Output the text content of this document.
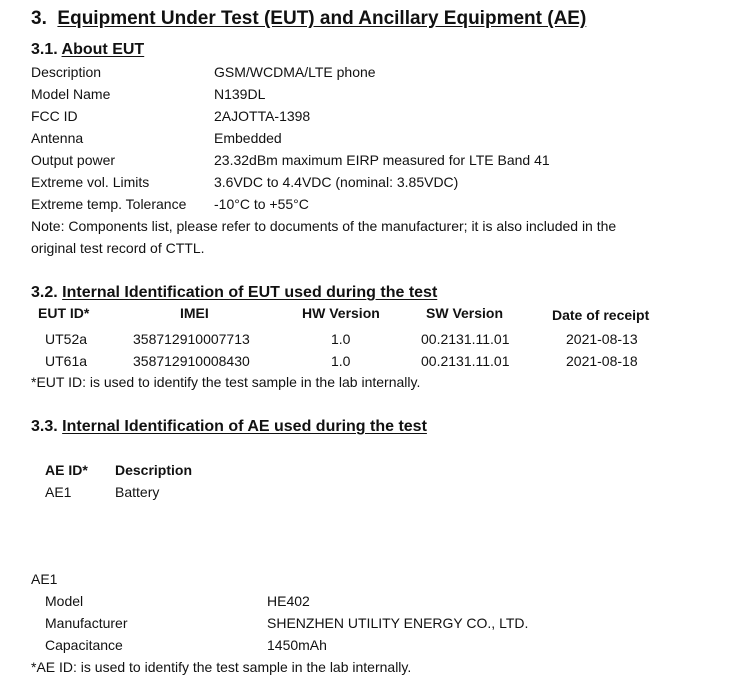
3. Equipment Under Test (EUT) and Ancillary Equipment (AE)
3.1. About EUT
Description	GSM/WCDMA/LTE phone
Model Name	N139DL
FCC ID	2AJOTTA-1398
Antenna	Embedded
Output power	23.32dBm maximum EIRP measured for LTE Band 41
Extreme vol. Limits	3.6VDC to 4.4VDC (nominal: 3.85VDC)
Extreme temp. Tolerance -10°C to +55°C
Note: Components list, please refer to documents of the manufacturer; it is also included in the
original test record of CTTL.
3.2. Internal Identification of EUT used during the test
EUT ID*	IMEI	HW Version	SW Version	Date of receipt
UT52a	358712910007713	1.0	00.2131.11.01	2021-08-13
UT61a	358712910008430	1.0	00.2131.11.01	2021-08-18
*EUT ID: is used to identify the test sample in the lab internally.
3.3. Internal Identification of AE used during the test
AE ID* Description
AE1	Battery
AE1
Model	HE402
Manufacturer	SHENZHEN UTILITY ENERGY CO., LTD.
Capacitance	1450mAh
*AE ID: is used to identify the test sample in the lab internally.
